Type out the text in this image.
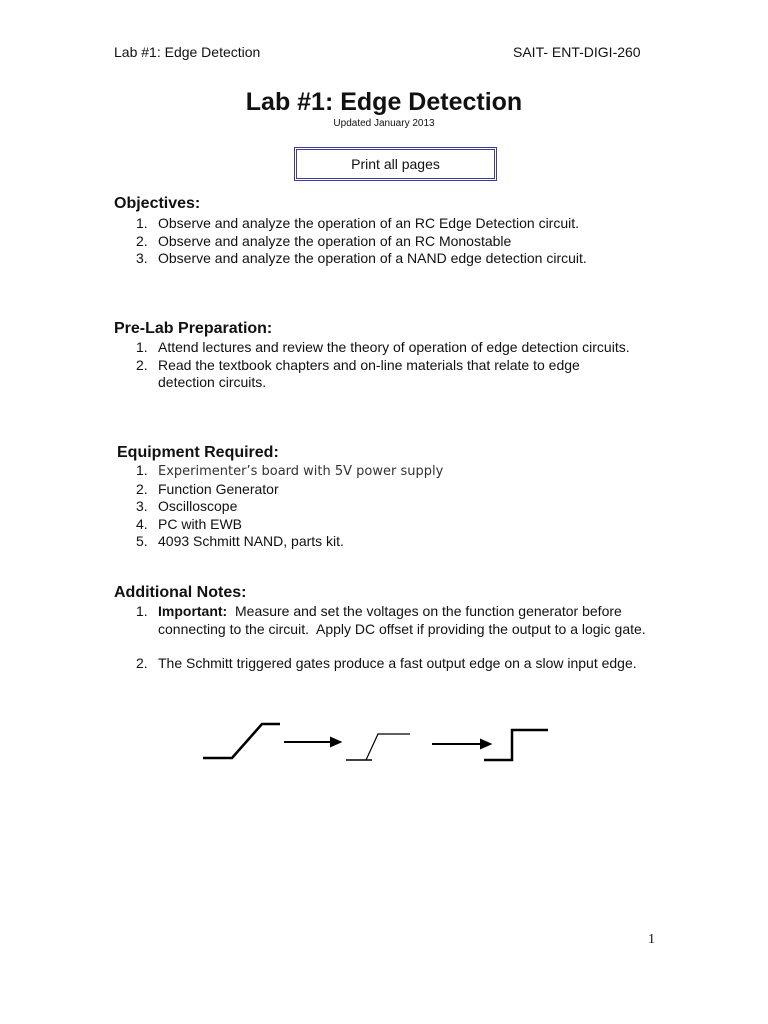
Lab #1: Edge Detection	SAIT- ENT-DIGI-260
Lab #1: Edge Detection
Updated January 2013
Print all pages
Objectives:
1. Observe and analyze the operation of an RC Edge Detection circuit.
2. Observe and analyze the operation of an RC Monostable
3. Observe and analyze the operation of a NAND edge detection circuit.
Pre-Lab Preparation:
1. Attend lectures and review the theory of operation of edge detection circuits.
2. Read the textbook chapters and on-line materials that relate to edge detection circuits.
Equipment Required:
1. Experimenter’s board with 5V power supply
2. Function Generator
3. Oscilloscope
4. PC with EWB
5. 4093 Schmitt NAND, parts kit.
Additional Notes:
1. Important:  Measure and set the voltages on the function generator before connecting to the circuit.  Apply DC offset if providing the output to a logic gate.
2. The Schmitt triggered gates produce a fast output edge on a slow input edge.
1
